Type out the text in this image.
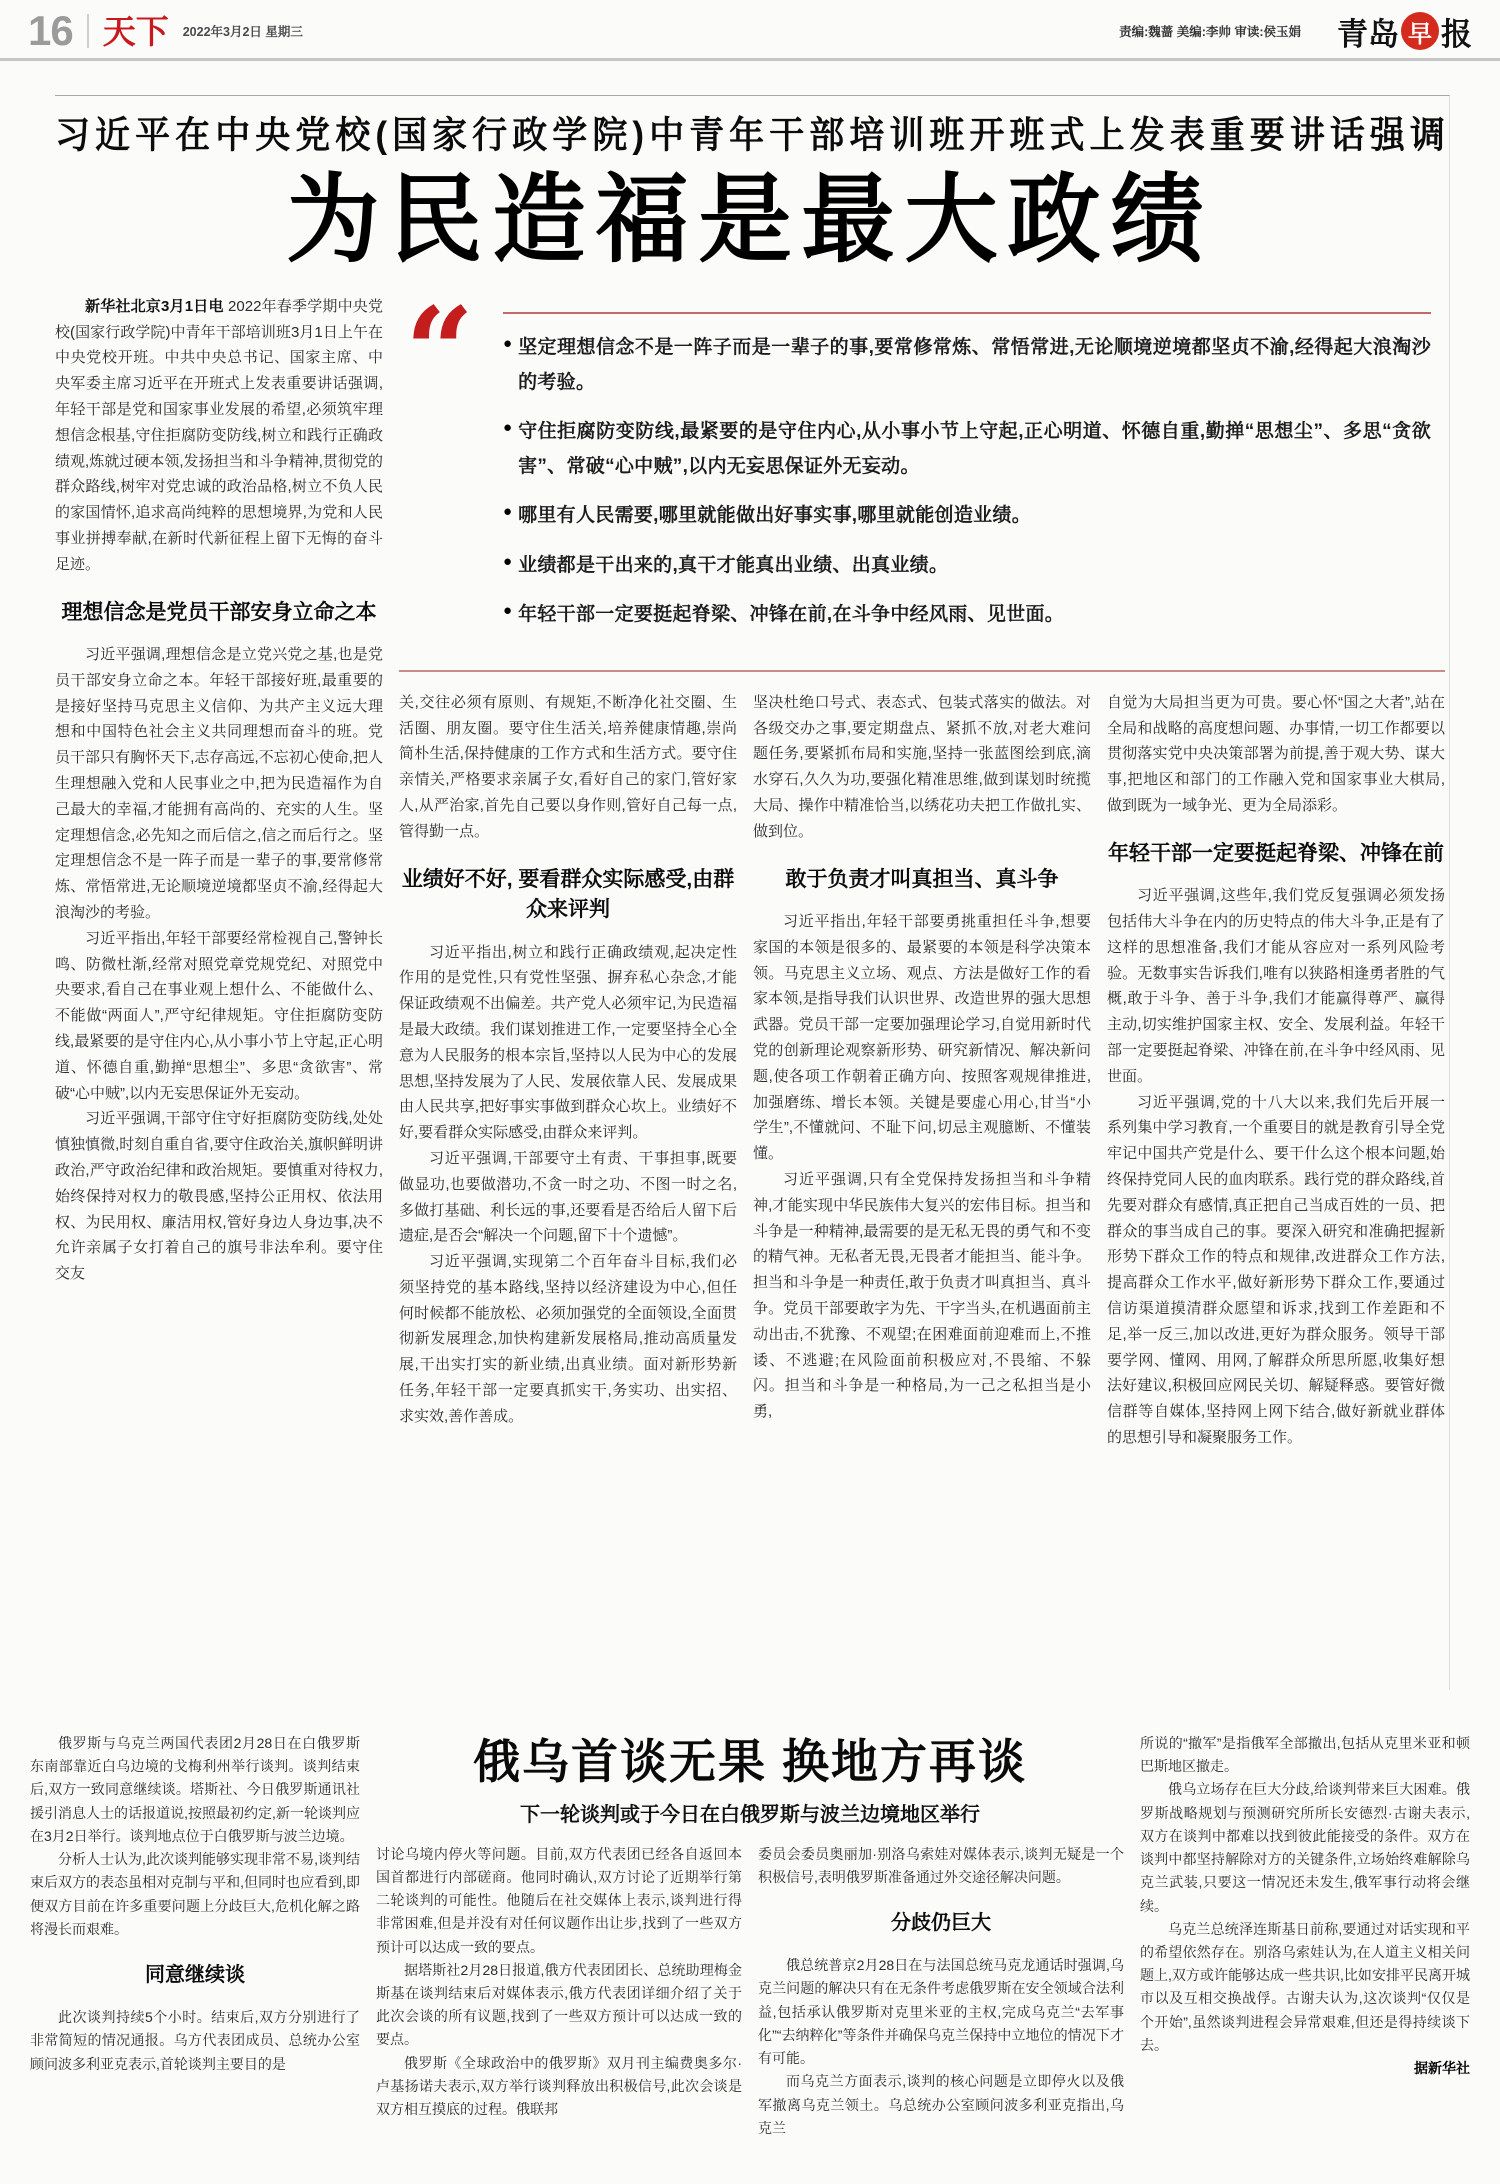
16 天下 2022年3月2日 星期三	责编:魏蔷 美编:李帅 审读:侯玉娟 青岛 早 报
习近平在中央党校(国家行政学院)中青年干部培训班开班式上发表重要讲话强调
为民造福是最大政绩

新华社北京3月1日电 2022年春季学期中央党校(国家行政学院)中青年干部培训班3月1日上午在中央党校开班。中共中央总书记、国家主席、中央军委主席习近平在开班式上发表重要讲话强调,年轻干部是党和国家事业发展的希望,必须筑牢理想信念根基,守住拒腐防变防线,树立和践行正确政绩观,炼就过硬本领,发扬担当和斗争精神,贯彻党的群众路线,树牢对党忠诚的政治品格,树立不负人民的家国情怀,追求高尚纯粹的思想境界,为党和人民事业拼搏奉献,在新时代新征程上留下无悔的奋斗足迹。

理想信念是党员干部安身立命之本

习近平强调,理想信念是立党兴党之基,也是党员干部安身立命之本。年轻干部接好班,最重要的是接好坚持马克思主义信仰、为共产主义远大理想和中国特色社会主义共同理想而奋斗的班。党员干部只有胸怀天下,志存高远,不忘初心使命,把人生理想融入党和人民事业之中,把为民造福作为自己最大的幸福,才能拥有高尚的、充实的人生。坚定理想信念,必先知之而后信之,信之而后行之。坚定理想信念不是一阵子而是一辈子的事,要常修常炼、常悟常进,无论顺境逆境都坚贞不渝,经得起大浪淘沙的考验。

习近平指出,年轻干部要经常检视自己,警钟长鸣、防微杜渐,经常对照党章党规党纪、对照党中央要求,看自己在事业观上想什么、不能做什么、不能做“两面人”,严守纪律规矩。守住拒腐防变防线,最紧要的是守住内心,从小事小节上守起,正心明道、怀德自重,勤掸“思想尘”、多思“贪欲害”、常破“心中贼”,以内无妄思保证外无妄动。

习近平强调,干部守住守好拒腐防变防线,处处慎独慎微,时刻自重自省,要守住政治关,旗帜鲜明讲政治,严守政治纪律和政治规矩。要慎重对待权力,始终保持对权力的敬畏感,坚持公正用权、依法用权、为民用权、廉洁用权,管好身边人身边事,决不允许亲属子女打着自己的旗号非法牟利。要守住交友

“ ● 坚定理想信念不是一阵子而是一辈子的事,要常修常炼、常悟常进,无论顺境逆境都坚贞不渝,经得起大浪淘沙的考验。
● 守住拒腐防变防线,最紧要的是守住内心,从小事小节上守起,正心明道、怀德自重,勤掸“思想尘”、多思“贪欲害”、常破“心中贼”,以内无妄思保证外无妄动。
● 哪里有人民需要,哪里就能做出好事实事,哪里就能创造业绩。
● 业绩都是干出来的,真干才能真出业绩、出真业绩。
● 年轻干部一定要挺起脊梁、冲锋在前,在斗争中经风雨、见世面。

关,交往必须有原则、有规矩,不断净化社交圈、生活圈、朋友圈。要守住生活关,培养健康情趣,崇尚简朴生活,保持健康的工作方式和生活方式。要守住亲情关,严格要求亲属子女,看好自己的家门,管好家人,从严治家,首先自己要以身作则,管好自己每一点,管得勤一点。

业绩好不好, 要看群众实际感受,由群众来评判

习近平指出,树立和践行正确政绩观,起决定性作用的是党性,只有党性坚强、摒弃私心杂念,才能保证政绩观不出偏差。共产党人必须牢记,为民造福是最大政绩。我们谋划推进工作,一定要坚持全心全意为人民服务的根本宗旨,坚持以人民为中心的发展思想,坚持发展为了人民、发展依靠人民、发展成果由人民共享,把好事实事做到群众心坎上。业绩好不好,要看群众实际感受,由群众来评判。

习近平强调,干部要守土有责、干事担事,既要做显功,也要做潜功,不贪一时之功、不图一时之名,多做打基础、利长远的事,还要看是否给后人留下后遗症,是否会“解决一个问题,留下十个遗憾”。

习近平强调,实现第二个百年奋斗目标,我们必须坚持党的基本路线,坚持以经济建设为中心,但任何时候都不能放松、必须加强党的全面领设,全面贯彻新发展理念,加快构建新发展格局,推动高质量发展,干出实打实的新业绩,出真业绩。面对新形势新任务,年轻干部一定要真抓实干,务实功、出实招、求实效,善作善成。

坚决杜绝口号式、表态式、包装式落实的做法。对各级交办之事,要定期盘点、紧抓不放,对老大难问题任务,要紧抓布局和实施,坚持一张蓝图绘到底,滴水穿石,久久为功,要强化精准思维,做到谋划时统揽大局、操作中精准恰当,以绣花功夫把工作做扎实、做到位。

敢于负责才叫真担当、真斗争

习近平指出,年轻干部要勇挑重担任斗争,想要家国的本领是很多的、最紧要的本领是科学决策本领。马克思主义立场、观点、方法是做好工作的看家本领,是指导我们认识世界、改造世界的强大思想武器。党员干部一定要加强理论学习,自觉用新时代党的创新理论观察新形势、研究新情况、解决新问题,使各项工作朝着正确方向、按照客观规律推进,加强磨练、增长本领。关键是要虚心用心,甘当“小学生”,不懂就问、不耻下问,切忌主观臆断、不懂装懂。

习近平强调,只有全党保持发扬担当和斗争精神,才能实现中华民族伟大复兴的宏伟目标。担当和斗争是一种精神,最需要的是无私无畏的勇气和不变的精气神。无私者无畏,无畏者才能担当、能斗争。担当和斗争是一种责任,敢于负责才叫真担当、真斗争。党员干部要敢字为先、干字当头,在机遇面前主动出击,不犹豫、不观望;在困难面前迎难而上,不推诿、不逃避;在风险面前积极应对,不畏缩、不躲闪。担当和斗争是一种格局,为一己之私担当是小勇,

自觉为大局担当更为可贵。要心怀“国之大者”,站在全局和战略的高度想问题、办事情,一切工作都要以贯彻落实党中央决策部署为前提,善于观大势、谋大事,把地区和部门的工作融入党和国家事业大棋局,做到既为一域争光、更为全局添彩。

年轻干部一定要挺起脊梁、冲锋在前

习近平强调,这些年,我们党反复强调必须发扬包括伟大斗争在内的历史特点的伟大斗争,正是有了这样的思想准备,我们才能从容应对一系列风险考验。无数事实告诉我们,唯有以狭路相逢勇者胜的气概,敢于斗争、善于斗争,我们才能赢得尊严、赢得主动,切实维护国家主权、安全、发展利益。年轻干部一定要挺起脊梁、冲锋在前,在斗争中经风雨、见世面。

习近平强调,党的十八大以来,我们先后开展一系列集中学习教育,一个重要目的就是教育引导全党牢记中国共产党是什么、要干什么这个根本问题,始终保持党同人民的血肉联系。践行党的群众路线,首先要对群众有感情,真正把自己当成百姓的一员、把群众的事当成自己的事。要深入研究和准确把握新形势下群众工作的特点和规律,改进群众工作方法,提高群众工作水平,做好新形势下群众工作,要通过信访渠道摸清群众愿望和诉求,找到工作差距和不足,举一反三,加以改进,更好为群众服务。领导干部要学网、懂网、用网,了解群众所思所愿,收集好想法好建议,积极回应网民关切、解疑释惑。要管好微信群等自媒体,坚持网上网下结合,做好新就业群体的思想引导和凝聚服务工作。

俄罗斯与乌克兰两国代表团2月28日在白俄罗斯东南部靠近白乌边境的戈梅利州举行谈判。谈判结束后,双方一致同意继续谈。塔斯社、今日俄罗斯通讯社援引消息人士的话报道说,按照最初约定,新一轮谈判应在3月2日举行。谈判地点位于白俄罗斯与波兰边境。

分析人士认为,此次谈判能够实现非常不易,谈判结束后双方的表态虽相对克制与平和,但同时也应看到,即便双方目前在许多重要问题上分歧巨大,危机化解之路将漫长而艰难。

同意继续谈

此次谈判持续5个小时。结束后,双方分别进行了非常简短的情况通报。乌方代表团成员、总统办公室顾问波多利亚克表示,首轮谈判主要目的是

俄乌首谈无果 换地方再谈
下一轮谈判或于今日在白俄罗斯与波兰边境地区举行

讨论乌境内停火等问题。目前,双方代表团已经各自返回本国首都进行内部磋商。他同时确认,双方讨论了近期举行第二轮谈判的可能性。他随后在社交媒体上表示,谈判进行得非常困难,但是并没有对任何议题作出让步,找到了一些双方预计可以达成一致的要点。

据塔斯社2月28日报道,俄方代表团团长、总统助理梅金斯基在谈判结束后对媒体表示,俄方代表团详细介绍了关于此次会谈的所有议题,找到了一些双方预计可以达成一致的要点。

俄罗斯《全球政治中的俄罗斯》双月刊主编费奥多尔·卢基扬诺夫表示,双方举行谈判释放出积极信号,此次会谈是双方相互摸底的过程。俄联邦

委员会委员奥丽加·别洛乌索娃对媒体表示,谈判无疑是一个积极信号,表明俄罗斯准备通过外交途径解决问题。

分歧仍巨大

俄总统普京2月28日在与法国总统马克龙通话时强调,乌克兰问题的解决只有在无条件考虑俄罗斯在安全领域合法利益,包括承认俄罗斯对克里米亚的主权,完成乌克兰“去军事化”“去纳粹化”等条件并确保乌克兰保持中立地位的情况下才有可能。

而乌克兰方面表示,谈判的核心问题是立即停火以及俄军撤离乌克兰领土。乌总统办公室顾问波多利亚克指出,乌克兰

所说的“撤军”是指俄军全部撤出,包括从克里米亚和顿巴斯地区撤走。

俄乌立场存在巨大分歧,给谈判带来巨大困难。俄罗斯战略规划与预测研究所所长安德烈·古谢夫表示,双方在谈判中都难以找到彼此能接受的条件。双方在谈判中都坚持解除对方的关键条件,立场始终难解除乌克兰武装,只要这一情况还未发生,俄军事行动将会继续。

乌克兰总统泽连斯基日前称,要通过对话实现和平的希望依然存在。别洛乌索娃认为,在人道主义相关问题上,双方或许能够达成一些共识,比如安排平民离开城市以及互相交换战俘。古谢夫认为,这次谈判“仅仅是个开始”,虽然谈判进程会异常艰难,但还是得持续谈下去。

据新华社
